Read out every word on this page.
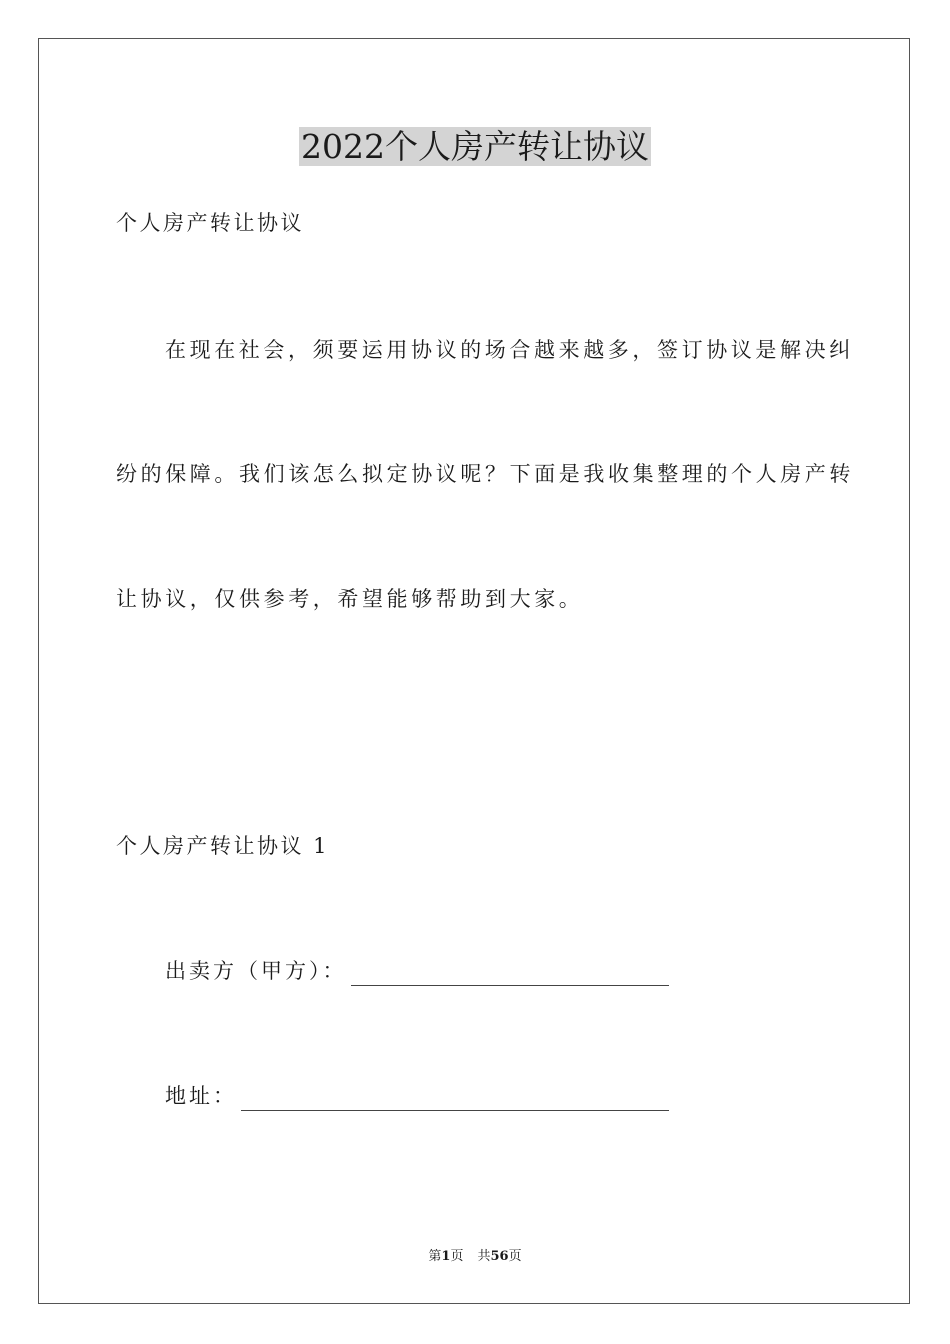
2022个人房产转让协议
个人房产转让协议
在现在社会，须要运用协议的场合越来越多，签订协议是解决纠
纷的保障。我们该怎么拟定协议呢？下面是我收集整理的个人房产转
让协议，仅供参考，希望能够帮助到大家。
个人房产转让协议 1
出卖方（甲方）：
地址：
第1页 共56页
